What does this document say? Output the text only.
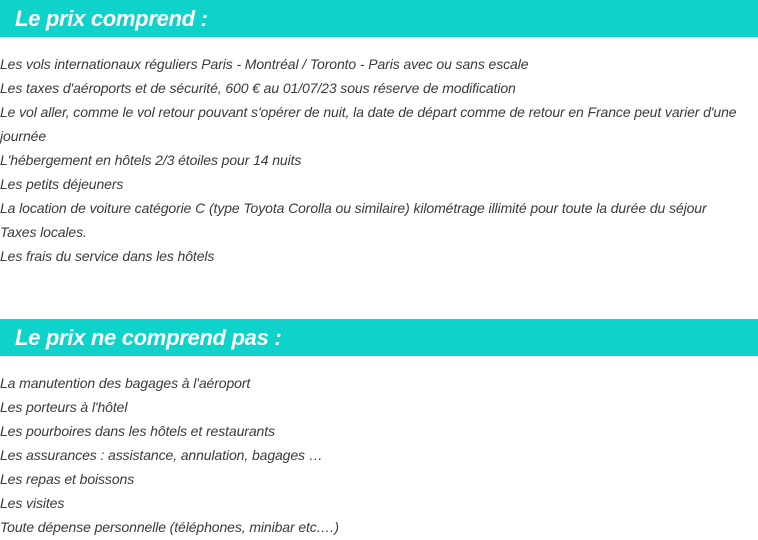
Le prix comprend :
Les vols internationaux réguliers Paris - Montréal / Toronto - Paris avec ou sans escale
Les taxes d'aéroports et de sécurité, 600 € au 01/07/23 sous réserve de modification
Le vol aller, comme le vol retour pouvant s'opérer de nuit, la date de départ comme de retour en France peut varier d'une journée
L'hébergement en hôtels 2/3 étoiles pour 14 nuits
Les petits déjeuners
La location de voiture catégorie C (type Toyota Corolla ou similaire) kilométrage illimité pour toute la durée du séjour
Taxes locales.
Les frais du service dans les hôtels
Le prix ne comprend pas :
La manutention des bagages à l'aéroport
Les porteurs à l'hôtel
Les pourboires dans les hôtels et restaurants
Les assurances : assistance, annulation, bagages …
Les repas et boissons
Les visites
Toute dépense personnelle (téléphones, minibar etc.…)
